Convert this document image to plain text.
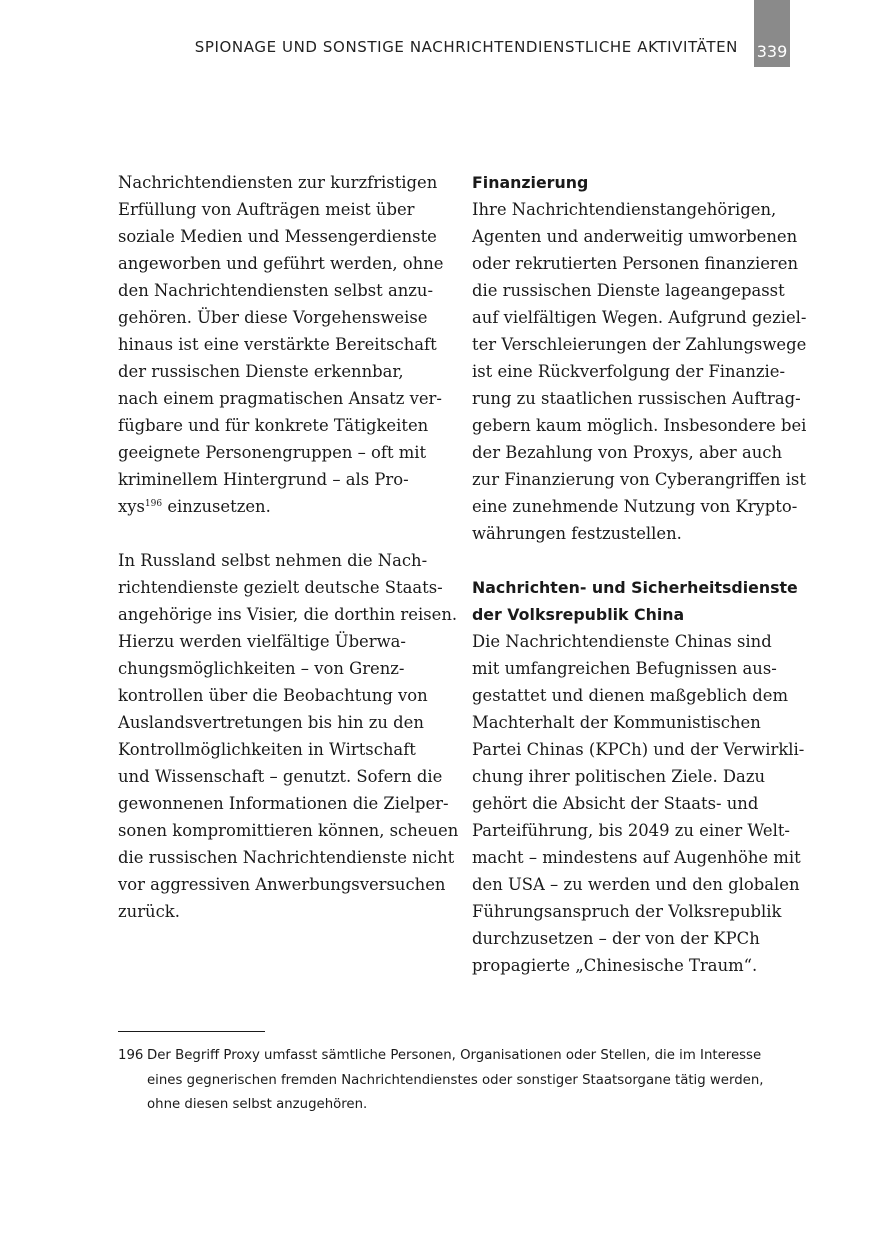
SPIONAGE UND SONSTIGE NACHRICHTENDIENSTLICHE AKTIVITÄTEN 339
Nachrichtendiensten zur kurzfristigen
Erfüllung von Aufträgen meist über
soziale Medien und Messengerdienste
angeworben und geführt werden, ohne
den Nachrichtendiensten selbst anzu-
gehören. Über diese Vorgehensweise
hinaus ist eine verstärkte Bereitschaft
der russischen Dienste erkennbar,
nach einem pragmatischen Ansatz ver-
fügbare und für konkrete Tätigkeiten
geeignete Personengruppen – oft mit
kriminellem Hintergrund – als Pro-
xys$^{196}$ einzusetzen.
In Russland selbst nehmen die Nach-
richtendienste gezielt deutsche Staats-
angehörige ins Visier, die dorthin reisen.
Hierzu werden vielfältige Überwa-
chungsmöglichkeiten – von Grenz-
kontrollen über die Beobachtung von
Auslandsvertretungen bis hin zu den
Kontrollmöglichkeiten in Wirtschaft
und Wissenschaft – genutzt. Sofern die
gewonnenen Informationen die Zielper-
sonen kompromittieren können, scheuen
die russischen Nachrichtendienste nicht
vor aggressiven Anwerbungsversuchen
zurück.
Finanzierung
Ihre Nachrichtendienstangehörigen,
Agenten und anderweitig umworbenen
oder rekrutierten Personen finanzieren
die russischen Dienste lageangepasst
auf vielfältigen Wegen. Aufgrund geziel-
ter Verschleierungen der Zahlungswege
ist eine Rückverfolgung der Finanzie-
rung zu staatlichen russischen Auftrag-
gebern kaum möglich. Insbesondere bei
der Bezahlung von Proxys, aber auch
zur Finanzierung von Cyberangriffen ist
eine zunehmende Nutzung von Krypto-
währungen festzustellen.
Nachrichten- und Sicherheitsdienste
der Volksrepublik China
Die Nachrichtendienste Chinas sind
mit umfangreichen Befugnissen aus-
gestattet und dienen maßgeblich dem
Machterhalt der Kommunistischen
Partei Chinas (KPCh) und der Verwirkli-
chung ihrer politischen Ziele. Dazu
gehört die Absicht der Staats- und
Parteiführung, bis 2049 zu einer Welt-
macht – mindestens auf Augenhöhe mit
den USA – zu werden und den globalen
Führungsanspruch der Volksrepublik
durchzusetzen – der von der KPCh
propagierte „Chinesische Traum“.
196 Der Begriff Proxy umfasst sämtliche Personen, Organisationen oder Stellen, die im Interesse
eines gegnerischen fremden Nachrichtendienstes oder sonstiger Staatsorgane tätig werden,
ohne diesen selbst anzugehören.
